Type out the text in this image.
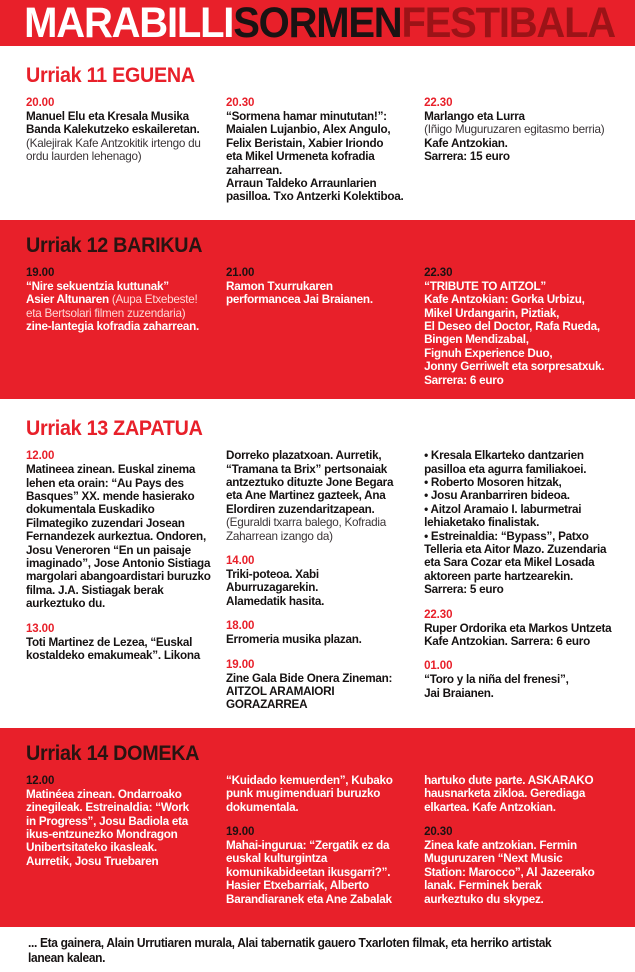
MARABILLISORMENFESTIBALA
Urriak 11 EGUENA
20.00
Manuel Elu eta Kresala Musika
Banda Kalekutzeko eskaileretan.
(Kalejirak Kafe Antzokitik irtengo du
ordu laurden lehenago)
20.30
“Sormena hamar minututan!”:
Maialen Lujanbio, Alex Angulo,
Felix Beristain, Xabier Iriondo
eta Mikel Urmeneta kofradia
zaharrean.
Arraun Taldeko Arraunlarien
pasilloa. Txo Antzerki Kolektiboa.
22.30
Marlango eta Lurra
(Iñigo Muguruzaren egitasmo berria)
Kafe Antzokian.
Sarrera: 15 euro
Urriak 12 BARIKUA
19.00
“Nire sekuentzia kuttunak”
Asier Altunaren (Aupa Etxebeste!
eta Bertsolari filmen zuzendaria)
zine-lantegia kofradia zaharrean.
21.00
Ramon Txurrukaren
performancea Jai Braianen.
22.30
“TRIBUTE TO AITZOL”
Kafe Antzokian: Gorka Urbizu,
Mikel Urdangarin, Piztiak,
El Deseo del Doctor, Rafa Rueda,
Bingen Mendizabal,
Fignuh Experience Duo,
Jonny Gerriwelt eta sorpresatxuk.
Sarrera: 6 euro
Urriak 13 ZAPATUA
12.00
Matineea zinean. Euskal zinema
lehen eta orain: “Au Pays des
Basques” XX. mende hasierako
dokumentala Euskadiko
Filmategiko zuzendari Josean
Fernandezek aurkeztua. Ondoren,
Josu Veneroren “En un paisaje
imaginado”, Jose Antonio Sistiaga
margolari abangoardistari buruzko
filma. J.A. Sistiagak berak
aurkeztuko du.
13.00
Toti Martinez de Lezea, “Euskal
kostaldeko emakumeak”. Likona
Dorreko plazatxoan. Aurretik,
“Tramana ta Brix” pertsonaiak
antzeztuko dituzte Jone Begara
eta Ane Martinez gazteek, Ana
Elordiren zuzendaritzapean.
(Eguraldi txarra balego, Kofradia
Zaharrean izango da)
14.00
Triki-poteoa. Xabi
Aburruzagarekin.
Alamedatik hasita.
18.00
Erromeria musika plazan.
19.00
Zine Gala Bide Onera Zineman:
AITZOL ARAMAIORI GORAZARREA
• Kresala Elkarteko dantzarien
pasilloa eta agurra familiakoei.
• Roberto Mosoren hitzak,
• Josu Aranbarriren bideoa.
• Aitzol Aramaio I. laburmetrai
lehiaketako finalistak.
• Estreinaldia: “Bypass”, Patxo
Telleria eta Aitor Mazo. Zuzendaria
eta Sara Cozar eta Mikel Losada
aktoreen parte hartzearekin.
Sarrera: 5 euro
22.30
Ruper Ordorika eta Markos Untzeta
Kafe Antzokian. Sarrera: 6 euro
01.00
“Toro y la niña del frenesi”,
Jai Braianen.
Urriak 14 DOMEKA
12.00
Matinéea zinean. Ondarroako
zinegileak. Estreinaldia: “Work
in Progress”, Josu Badiola eta
ikus-entzunezko Mondragon
Unibertsitateko ikasleak.
Aurretik, Josu Truebaren
“Kuidado kemuerden”, Kubako
punk mugimenduari buruzko
dokumentala.
19.00
Mahai-ingurua: “Zergatik ez da
euskal kulturgintza
komunikabideetan ikusgarri?”.
Hasier Etxebarriak, Alberto
Barandiaranek eta Ane Zabalak
hartuko dute parte. ASKARAKO
hausnarketa zikloa. Gerediaga
elkartea. Kafe Antzokian.
20.30
Zinea kafe antzokian. Fermin
Muguruzaren “Next Music
Station: Marocco”, Al Jazeerako
lanak. Ferminek berak
aurkeztuko du skypez.
... Eta gainera, Alain Urrutiaren murala, Alai tabernatik gauero Txarloten filmak, eta herriko artistak lanean kalean.
